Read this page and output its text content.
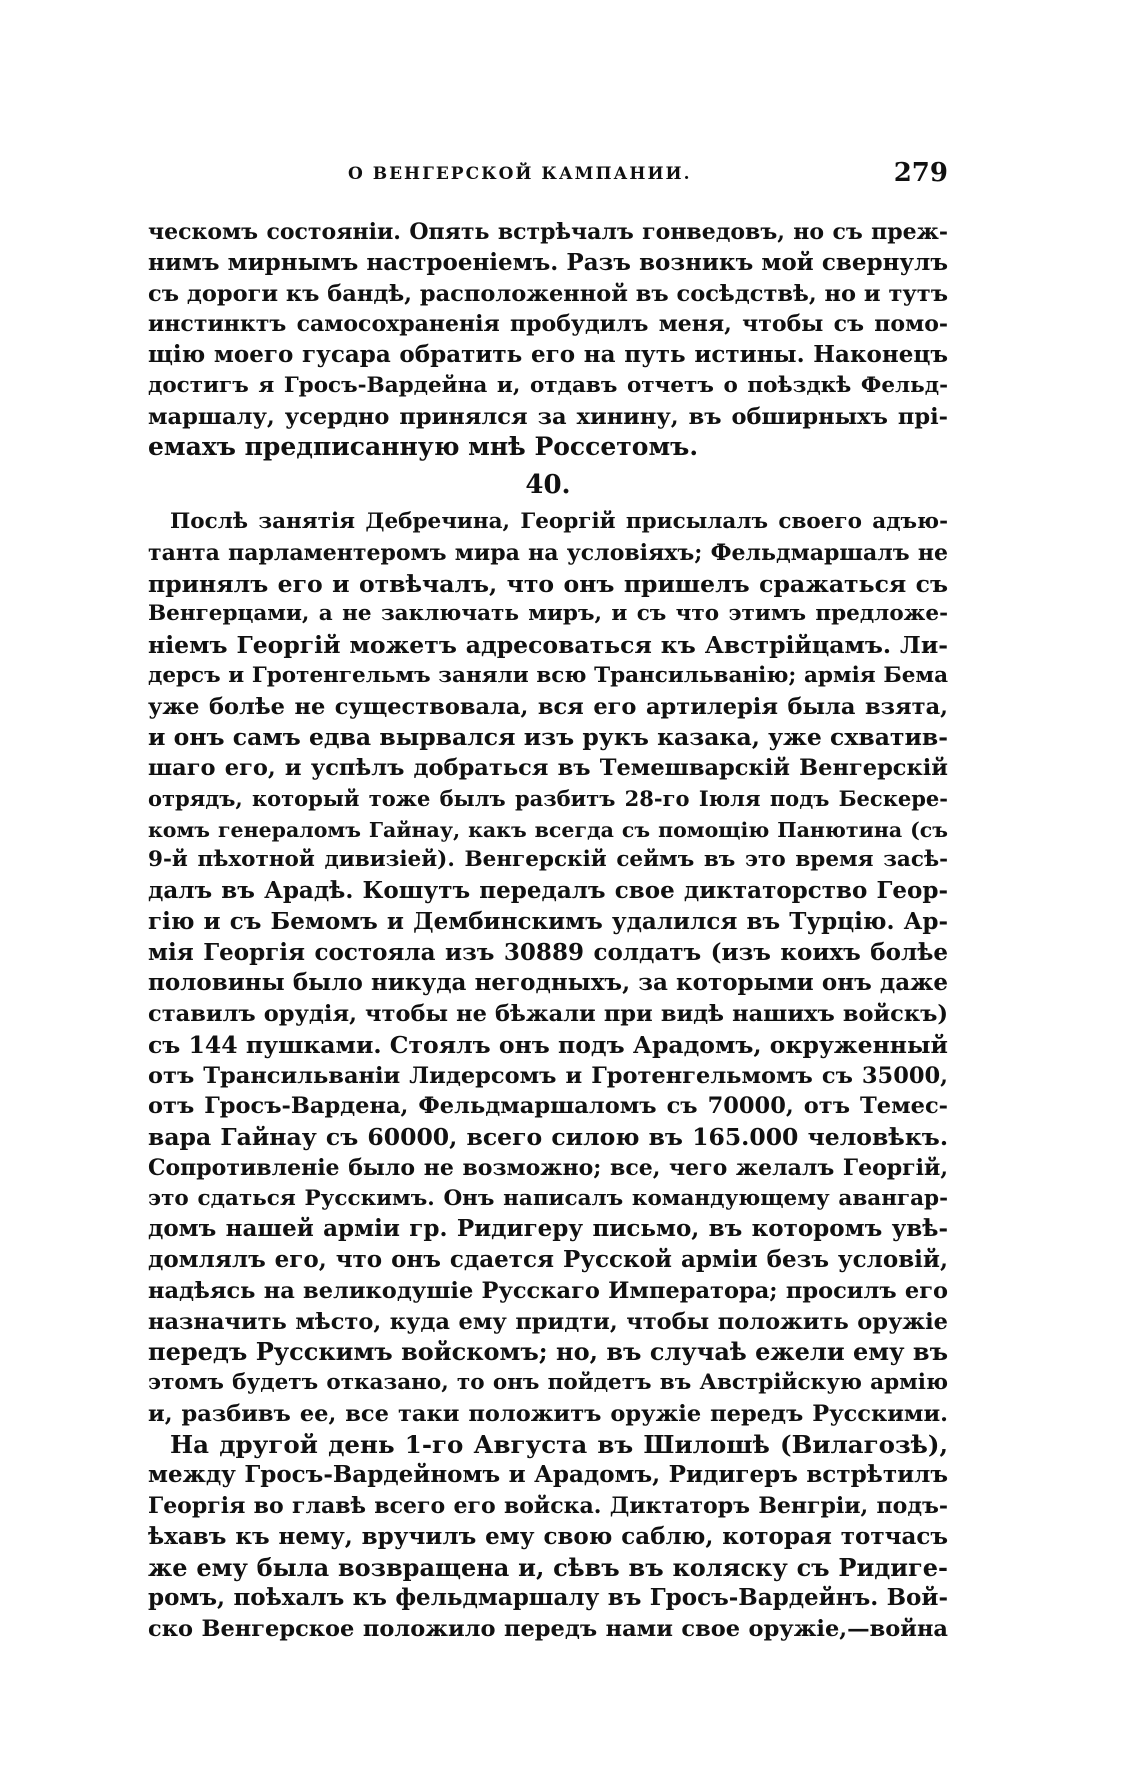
О ВЕНГЕРСКОЙ КАМПАНИИ.	279
ческомъ состоянiи. Опять встрѣчалъ гонведовъ, но съ преж-
нимъ мирнымъ настроенiемъ. Разъ возникъ мой свернулъ
съ дороги къ бандѣ, расположенной въ сосѣдствѣ, но и тутъ
инстинктъ самосохраненiя пробудилъ меня, чтобы съ помо-
щiю моего гусара обратить его на путь истины. Наконецъ
достигъ я Гросъ-Вардейна и, отдавъ отчетъ о поѣздкѣ Фельд-
маршалу, усердно принялся за хинину, въ обширныхъ прi-
емахъ предписанную мнѣ Россетомъ.
40.
Послѣ занятiя Дебречина, Георгiй присылалъ своего адъю-
танта парламентеромъ мира на условiяхъ; Фельдмаршалъ не
принялъ его и отвѣчалъ, что онъ пришелъ сражаться съ
Венгерцами, а не заключать миръ, и съ что этимъ предложе-
нiемъ Георгiй можетъ адресоваться къ Австрiйцамъ. Ли-
дерсъ и Гротенгельмъ заняли всю Трансильванiю; армiя Бема
уже болѣе не существовала, вся его артилерiя была взята,
и онъ самъ едва вырвался изъ рукъ казака, уже схватив-
шаго его, и успѣлъ добраться въ Темешварскiй Венгерскiй
отрядъ, который тоже былъ разбитъ 28-го Iюля подъ Бескере-
комъ генераломъ Гайнау, какъ всегда съ помощiю Панютина (съ
9-й пѣхотной дивизiей). Венгерскiй сеймъ въ это время засѣ-
далъ въ Арадѣ. Кошутъ передалъ свое диктаторство Геор-
гiю и съ Бемомъ и Дембинскимъ удалился въ Турцiю. Ар-
мiя Георгiя состояла изъ 30889 солдатъ (изъ коихъ болѣе
половины было никуда негодныхъ, за которыми онъ даже
ставилъ орудiя, чтобы не бѣжали при видѣ нашихъ войскъ)
съ 144 пушками. Стоялъ онъ подъ Арадомъ, окруженный
отъ Трансильванiи Лидерсомъ и Гротенгельмомъ съ 35000,
отъ Гросъ-Вардена, Фельдмаршаломъ съ 70000, отъ Темес-
вара Гайнау съ 60000, всего силою въ 165.000 человѣкъ.
Сопротивленiе было не возможно; все, чего желалъ Георгiй,
это сдаться Русскимъ. Онъ написалъ командующему авангар-
домъ нашей армiи гр. Ридигеру письмо, въ которомъ увѣ-
домлялъ его, что онъ сдается Русской армiи безъ условiй,
надѣясь на великодушiе Русскаго Императора; просилъ его
назначить мѣсто, куда ему придти, чтобы положить оружiе
передъ Русскимъ войскомъ; но, въ случаѣ ежели ему въ
этомъ будетъ отказано, то онъ пойдетъ въ Австрiйскую армiю
и, разбивъ ее, все таки положитъ оружiе передъ Русскими.
На другой день 1-го Августа въ Шилошѣ (Вилагозѣ),
между Гросъ-Вардейномъ и Арадомъ, Ридигеръ встрѣтилъ
Георгiя во главѣ всего его войска. Диктаторъ Венгрiи, подъ-
ѣхавъ къ нему, вручилъ ему свою саблю, которая тотчасъ
же ему была возвращена и, сѣвъ въ коляску съ Ридиге-
ромъ, поѣхалъ къ фельдмаршалу въ Гросъ-Вардейнъ. Вой-
ско Венгерское положило передъ нами свое оружiе,—война
